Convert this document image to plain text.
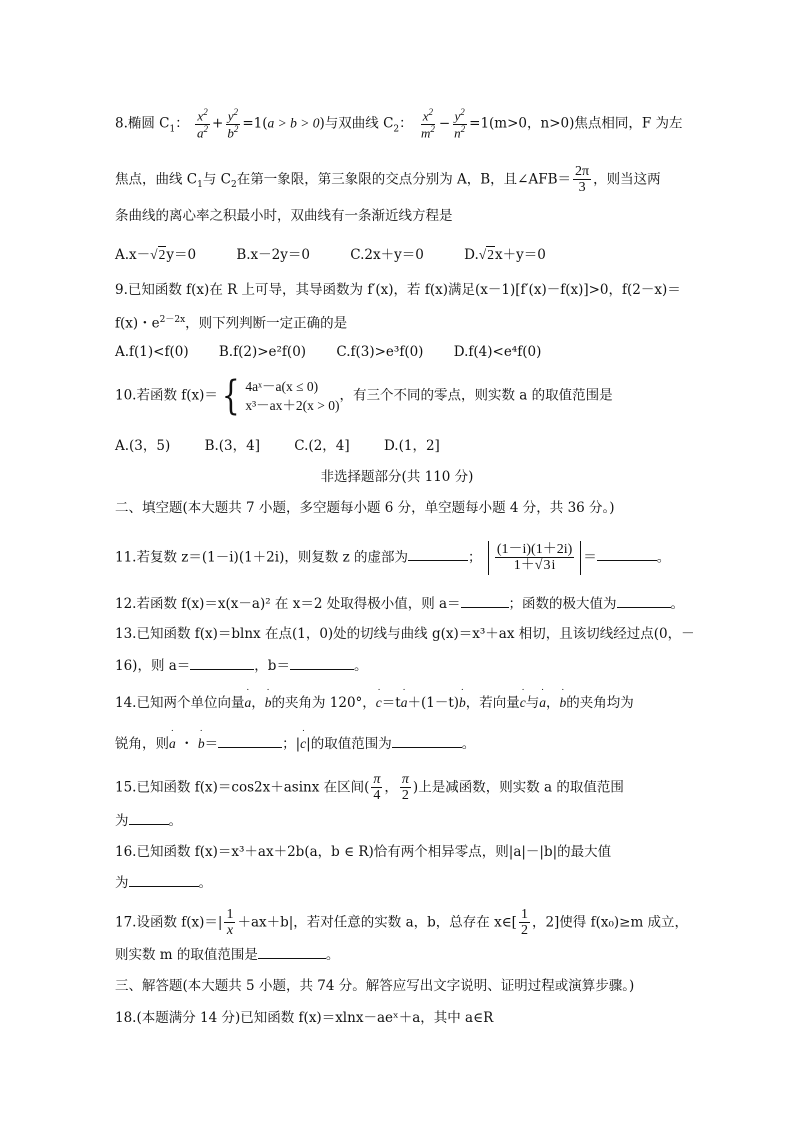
8.椭圆 $C_1$： $\frac{x^2}{a^2} + \frac{y^2}{b^2} =1(a > b > 0)$与双曲线 $C_2$： $\frac{x^2}{m^2} - \frac{y^2}{n^2} =1(m>0$，n>0)焦点相同，F 为左
焦点，曲线 $C_1$与 $C_2$在第一象限，第三象限的交点分别为 A，B，且∠AFB＝ $\frac{2\pi}{3}$ ，则当这两
条曲线的离心率之积最小时，双曲线有一条渐近线方程是
A.x－√2y＝0	B.x－2y＝0	C.2x＋y＝0	D.√2x＋y＝0
9.已知函数 f(x)在 R 上可导，其导函数为 f′(x)，若 f(x)满足(x－1)[f′(x)－f(x)]>0，f(2－x)＝
f(x)・$e^{2-2x}$，则下列判断一定正确的是
A.f(1)<f(0) B.f(2)>e²f(0) C.f(3)>e³f(0) D.f(4)<e⁴f(0)
10.若函数 f(x)＝ { 4aˣ－a(x ≤ 0)
x³－ax＋2(x > 0)
，有三个不同的零点，则实数 a 的取值范围是
A.(3，5)	B.(3，4]	C.(2，4]	D.(1，2]
非选择题部分(共 110 分)
二、填空题(本大题共 7 小题，多空题每小题 6 分，单空题每小题 4 分，共 36 分。)
11.若复数 z＝(1－i)(1＋2i)，则复数 z 的虚部为	； $\frac{(1-i)(1+2i)}{1+√3i}$ ＝	。
12.若函数 f(x)＝x(x－a)² 在 x＝2 处取得极小值，则 a＝	；函数的极大值为	。
13.已知函数 f(x)＝blnx 在点(1，0)处的切线与曲线 g(x)＝x³＋ax 相切，且该切线经过点(0，－
16)，则 a＝	，b＝	。
14.已知两个单位向量˙ a，˙ b的夹角为 120°，˙ c＝t˙ a＋(1－t)˙ b，若向量˙ c与˙ a，˙ b的夹角均为
锐角，则˙ a ・ ˙ b＝	；|˙ c|的取值范围为	。
15.已知函数 f(x)＝cos2x＋asinx 在区间( $\frac{\pi}{4}$ ， $\frac{\pi}{2}$ )上是减函数，则实数 a 的取值范围
为	。
16.已知函数 f(x)＝x³＋ax＋2b(a，b ∈ R)恰有两个相异零点，则|a|－|b|的最大值
为	。
17.设函数 $f(x)=| \frac{1}{x} +ax+b|$，若对任意的实数 a，b，总存在 x∈[ $\frac{1}{2}$ ，2]使得 f(x₀)≥m 成立，
则实数 m 的取值范围是	。
三、解答题(本大题共 5 小题，共 74 分。解答应写出文字说明、证明过程或演算步骤。)
18.(本题满分 14 分)已知函数 f(x)＝xlnx－aeˣ＋a，其中 a∈R
